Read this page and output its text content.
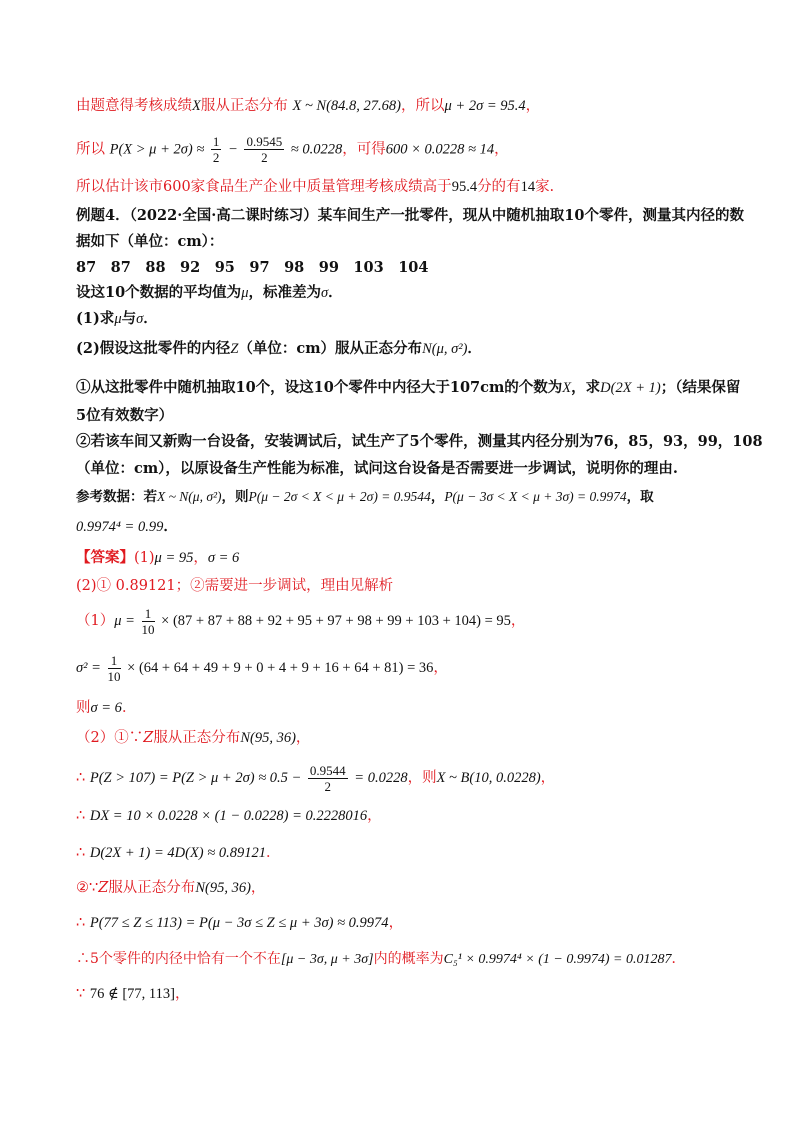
由题意得考核成绩X服从正态分布 X ~ N(84.8, 27.68)，所以μ + 2σ = 95.4，
所以 $P(X > \mu + 2\sigma) \approx \frac{1}{2} - \frac{0.9545}{2} \approx 0.0228$，可得600 × 0.0228 ≈ 14，
所以估计该市600家食品生产企业中质量管理考核成绩高于95.4分的有14家.
例题4．（2022·全国·高二课时练习）某车间生产一批零件，现从中随机抽取10个零件，测量其内径的数
据如下（单位：cm）：
87　87　88　92　95　97　98　99　103　104
设这10个数据的平均值为μ，标准差为σ．
(1)求μ与σ．
(2)假设这批零件的内径Z（单位：cm）服从正态分布N(μ, σ²)．
①从这批零件中随机抽取10个，设这10个零件中内径大于107cm的个数为X，求D(2X + 1)；（结果保留
5位有效数字）
②若该车间又新购一台设备，安装调试后，试生产了5个零件，测量其内径分别为76，85，93，99，108
（单位：cm），以原设备生产性能为标准，试问这台设备是否需要进一步调试，说明你的理由.
参考数据：若X ~ N(μ, σ²)，则P(μ − 2σ < X < μ + 2σ) = 0.9544，P(μ − 3σ < X < μ + 3σ) = 0.9974，取
0.9974⁴ = 0.99．
【答案】(1)μ = 95，σ = 6
(2)① 0.89121；②需要进一步调试，理由见解析
$(1)\mu = \frac{1}{10} \times (87 + 87 + 88 + 92 + 95 + 97 + 98 + 99 + 103 + 104) = 95$，
$\sigma^2 = \frac{1}{10} \times (64 + 64 + 49 + 9 + 0 + 4 + 9 + 16 + 64 + 81) = 36$，
则σ = 6．
（2）①∵Z服从正态分布N(95, 36)，
∴ $P(Z > 107) = P(Z > \mu + 2\sigma) \approx 0.5 - \frac{0.9544}{2} = 0.0228$，则X ~ B(10, 0.0228)，
∴ DX = 10 × 0.0228 × (1 − 0.0228) = 0.2228016，
∴ D(2X + 1) = 4D(X) ≈ 0.89121．
②∵Z服从正态分布N(95, 36)，
∴ P(77 ≤ Z ≤ 113) = P(μ − 3σ ≤ Z ≤ μ + 3σ) ≈ 0.9974，
∴5个零件的内径中恰有一个不在[μ − 3σ, μ + 3σ]内的概率为C₅¹ × 0.9974⁴ × (1 − 0.9974) = 0.01287．
∵ 76 ∉ [77, 113]，
